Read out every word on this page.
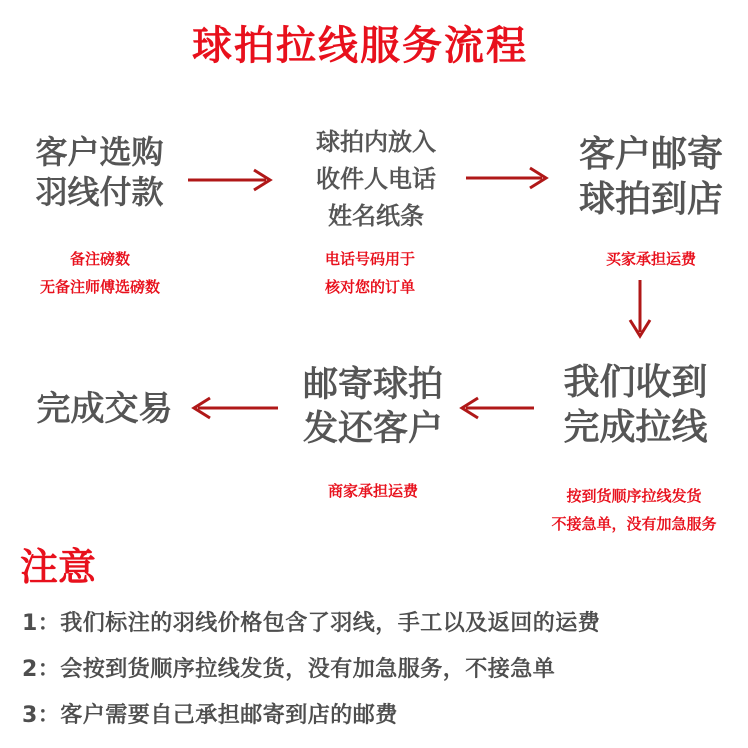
球拍拉线服务流程
客户选购
羽线付款
备注磅数
无备注师傅选磅数
球拍内放入
收件人电话
姓名纸条
电话号码用于
核对您的订单
客户邮寄
球拍到店
买家承担运费
我们收到
完成拉线
按到货顺序拉线发货
不接急单，没有加急服务
邮寄球拍
发还客户
商家承担运费
完成交易
注意
1：我们标注的羽线价格包含了羽线，手工以及返回的运费
2：会按到货顺序拉线发货，没有加急服务，不接急单
3：客户需要自己承担邮寄到店的邮费
